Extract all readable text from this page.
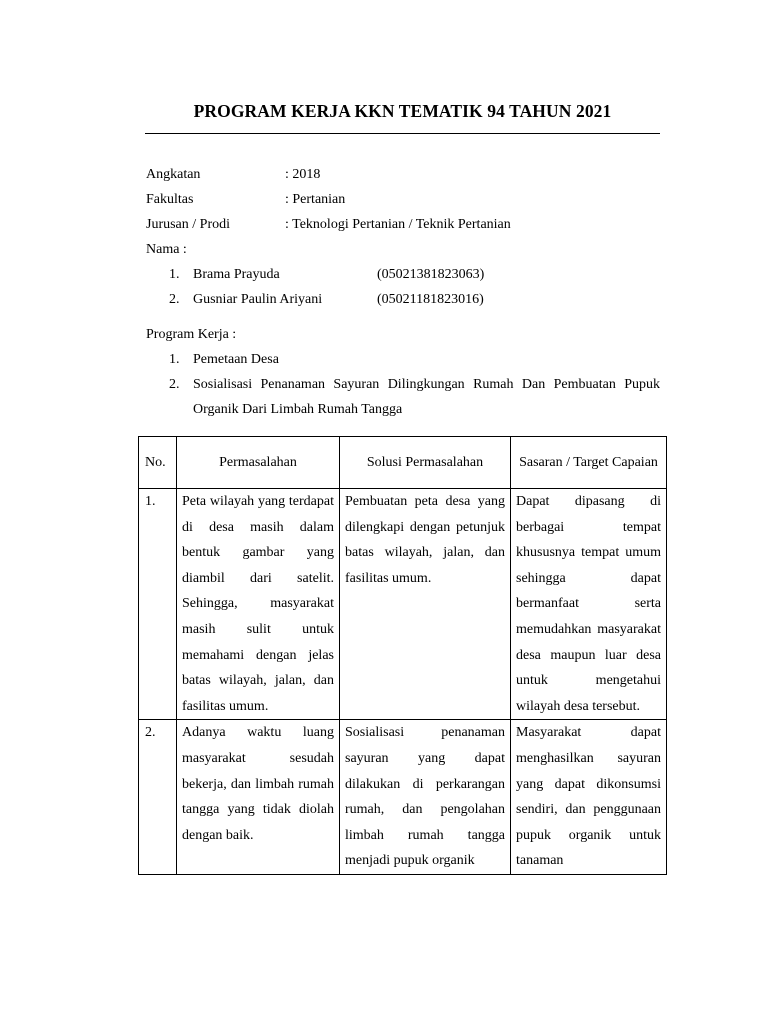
PROGRAM KERJA KKN TEMATIK 94 TAHUN 2021
Angkatan	: 2018
Fakultas	: Pertanian
Jurusan / Prodi	: Teknologi Pertanian / Teknik Pertanian
Nama :
1. Brama Prayuda	(05021381823063)
2. Gusniar Paulin Ariyani	(05021181823016)
Program Kerja :
1. Pemetaan Desa
2. Sosialisasi Penanaman Sayuran Dilingkungan Rumah Dan Pembuatan Pupuk Organik Dari Limbah Rumah Tangga
No.	Permasalahan	Solusi Permasalahan	Sasaran / Target Capaian
1.	Peta wilayah yang terdapat di desa masih dalam bentuk gambar yang diambil dari satelit. Sehingga, masyarakat masih sulit untuk memahami dengan jelas batas wilayah, jalan, dan fasilitas umum.	Pembuatan peta desa yang dilengkapi dengan petunjuk batas wilayah, jalan, dan fasilitas umum.	Dapat dipasang di berbagai tempat khususnya tempat umum sehingga dapat bermanfaat serta memudahkan masyarakat desa maupun luar desa untuk mengetahui wilayah desa tersebut.
2.	Adanya waktu luang masyarakat sesudah bekerja, dan limbah rumah tangga yang tidak diolah dengan baik.	Sosialisasi penanaman sayuran yang dapat dilakukan di perkarangan rumah, dan pengolahan limbah rumah tangga menjadi pupuk organik	Masyarakat dapat menghasilkan sayuran yang dapat dikonsumsi sendiri, dan penggunaan pupuk organik untuk tanaman
